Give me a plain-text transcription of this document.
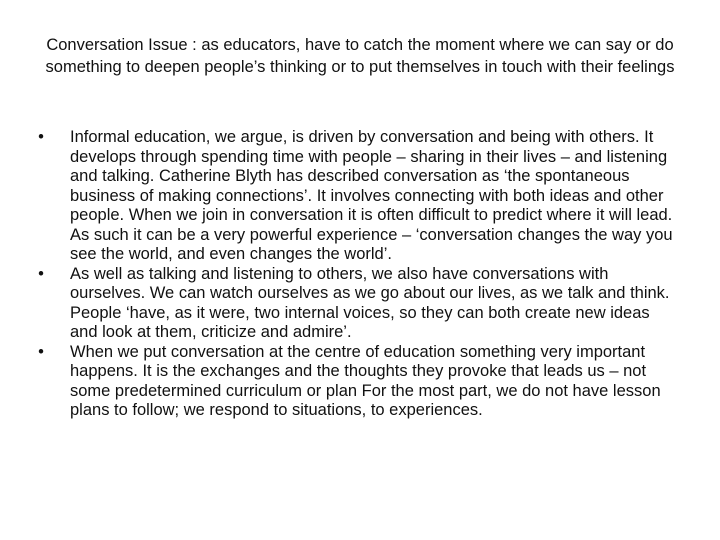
Conversation Issue : as educators, have to catch the moment where we can say or do something to deepen people’s thinking or to put themselves in touch with their feelings
• Informal education, we argue, is driven by conversation and being with others. It develops through spending time with people – sharing in their lives – and listening and talking. Catherine Blyth has described conversation as ‘the spontaneous business of making connections’. It involves connecting with both ideas and other people. When we join in conversation it is often difficult to predict where it will lead. As such it can be a very powerful experience – ‘conversation changes the way you see the world, and even changes the world’.
• As well as talking and listening to others, we also have conversations with ourselves. We can watch ourselves as we go about our lives, as we talk and think. People ‘have, as it were, two internal voices, so they can both create new ideas and look at them, criticize and admire’.
• When we put conversation at the centre of education something very important happens. It is the exchanges and the thoughts they provoke that leads us – not some predetermined curriculum or plan For the most part, we do not have lesson plans to follow; we respond to situations, to experiences.
